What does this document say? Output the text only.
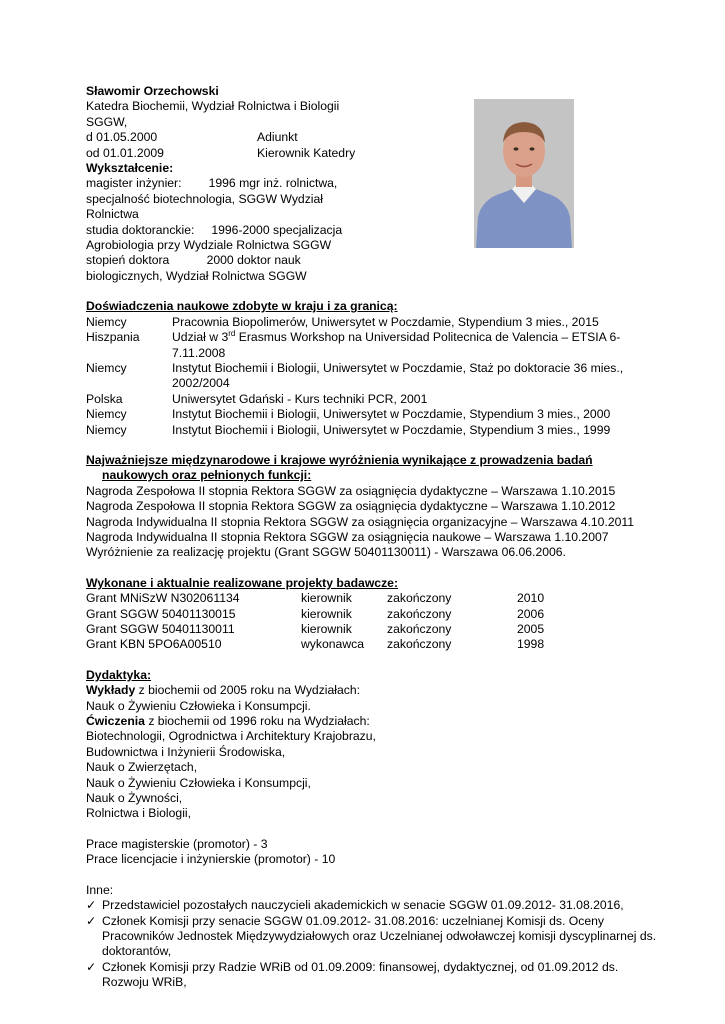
Sławomir Orzechowski
Katedra Biochemii, Wydział Rolnictwa i Biologii
SGGW,
d 01.05.2000	Adiunkt
od 01.01.2009	Kierownik Katedry
Wykształcenie:
magister inżynier:        1996 mgr inż. rolnictwa,
specjalność biotechnologia, SGGW Wydział
Rolnictwa
studia doktoranckie:     1996-2000 specjalizacja
Agrobiologia przy Wydziale Rolnictwa SGGW
stopień doktora           2000 doktor nauk
biologicznych, Wydział Rolnictwa SGGW
Doświadczenia naukowe zdobyte w kraju i za granicą:
Niemcy	Pracownia Biopolimerów, Uniwersytet w Poczdamie, Stypendium 3 mies., 2015
Hiszpania	Udział w 3rd Erasmus Workshop na Universidad Politecnica de Valencia – ETSIA 6-7.11.2008
Niemcy	Instytut Biochemii i Biologii, Uniwersytet w Poczdamie, Staż po doktoracie 36 mies., 2002/2004
Polska	Uniwersytet Gdański - Kurs techniki PCR, 2001
Niemcy	Instytut Biochemii i Biologii, Uniwersytet w Poczdamie, Stypendium 3 mies., 2000
Niemcy	Instytut Biochemii i Biologii, Uniwersytet w Poczdamie, Stypendium 3 mies., 1999
Najważniejsze międzynarodowe i krajowe wyróżnienia wynikające z prowadzenia badań
naukowych oraz pełnionych funkcji:
Nagroda Zespołowa II stopnia Rektora SGGW za osiągnięcia dydaktyczne – Warszawa 1.10.2015
Nagroda Zespołowa II stopnia Rektora SGGW za osiągnięcia dydaktyczne – Warszawa 1.10.2012
Nagroda Indywidualna II stopnia Rektora SGGW za osiągnięcia organizacyjne – Warszawa 4.10.2011
Nagroda Indywidualna II stopnia Rektora SGGW za osiągnięcia naukowe – Warszawa 1.10.2007
Wyróżnienie za realizację projektu (Grant SGGW 50401130011) - Warszawa 06.06.2006.
Wykonane i aktualnie realizowane projekty badawcze:
Grant MNiSzW N302061134	kierownik	zakończony	2010
Grant SGGW 50401130015	kierownik	zakończony	2006
Grant SGGW 50401130011	kierownik	zakończony	2005
Grant KBN 5PO6A00510	wykonawca	zakończony	1998
Dydaktyka:
Wykłady z biochemii od 2005 roku na Wydziałach:
Nauk o Żywieniu Człowieka i Konsumpcji.
Ćwiczenia z biochemii od 1996 roku na Wydziałach:
Biotechnologii, Ogrodnictwa i Architektury Krajobrazu,
Budownictwa i Inżynierii Środowiska,
Nauk o Zwierzętach,
Nauk o Żywieniu Człowieka i Konsumpcji,
Nauk o Żywności,
Rolnictwa i Biologii,
Prace magisterskie (promotor) - 3
Prace licencjacie i inżynierskie (promotor) - 10
Inne:
✓ Przedstawiciel pozostałych nauczycieli akademickich w senacie SGGW 01.09.2012- 31.08.2016,
✓ Członek Komisji przy senacie SGGW 01.09.2012- 31.08.2016: uczelnianej Komisji ds. Oceny Pracowników Jednostek Międzywydziałowych oraz Uczelnianej odwoławczej komisji dyscyplinarnej ds. doktorantów,
✓ Członek Komisji przy Radzie WRiB od 01.09.2009: finansowej, dydaktycznej, od 01.09.2012 ds. Rozwoju WRiB,
